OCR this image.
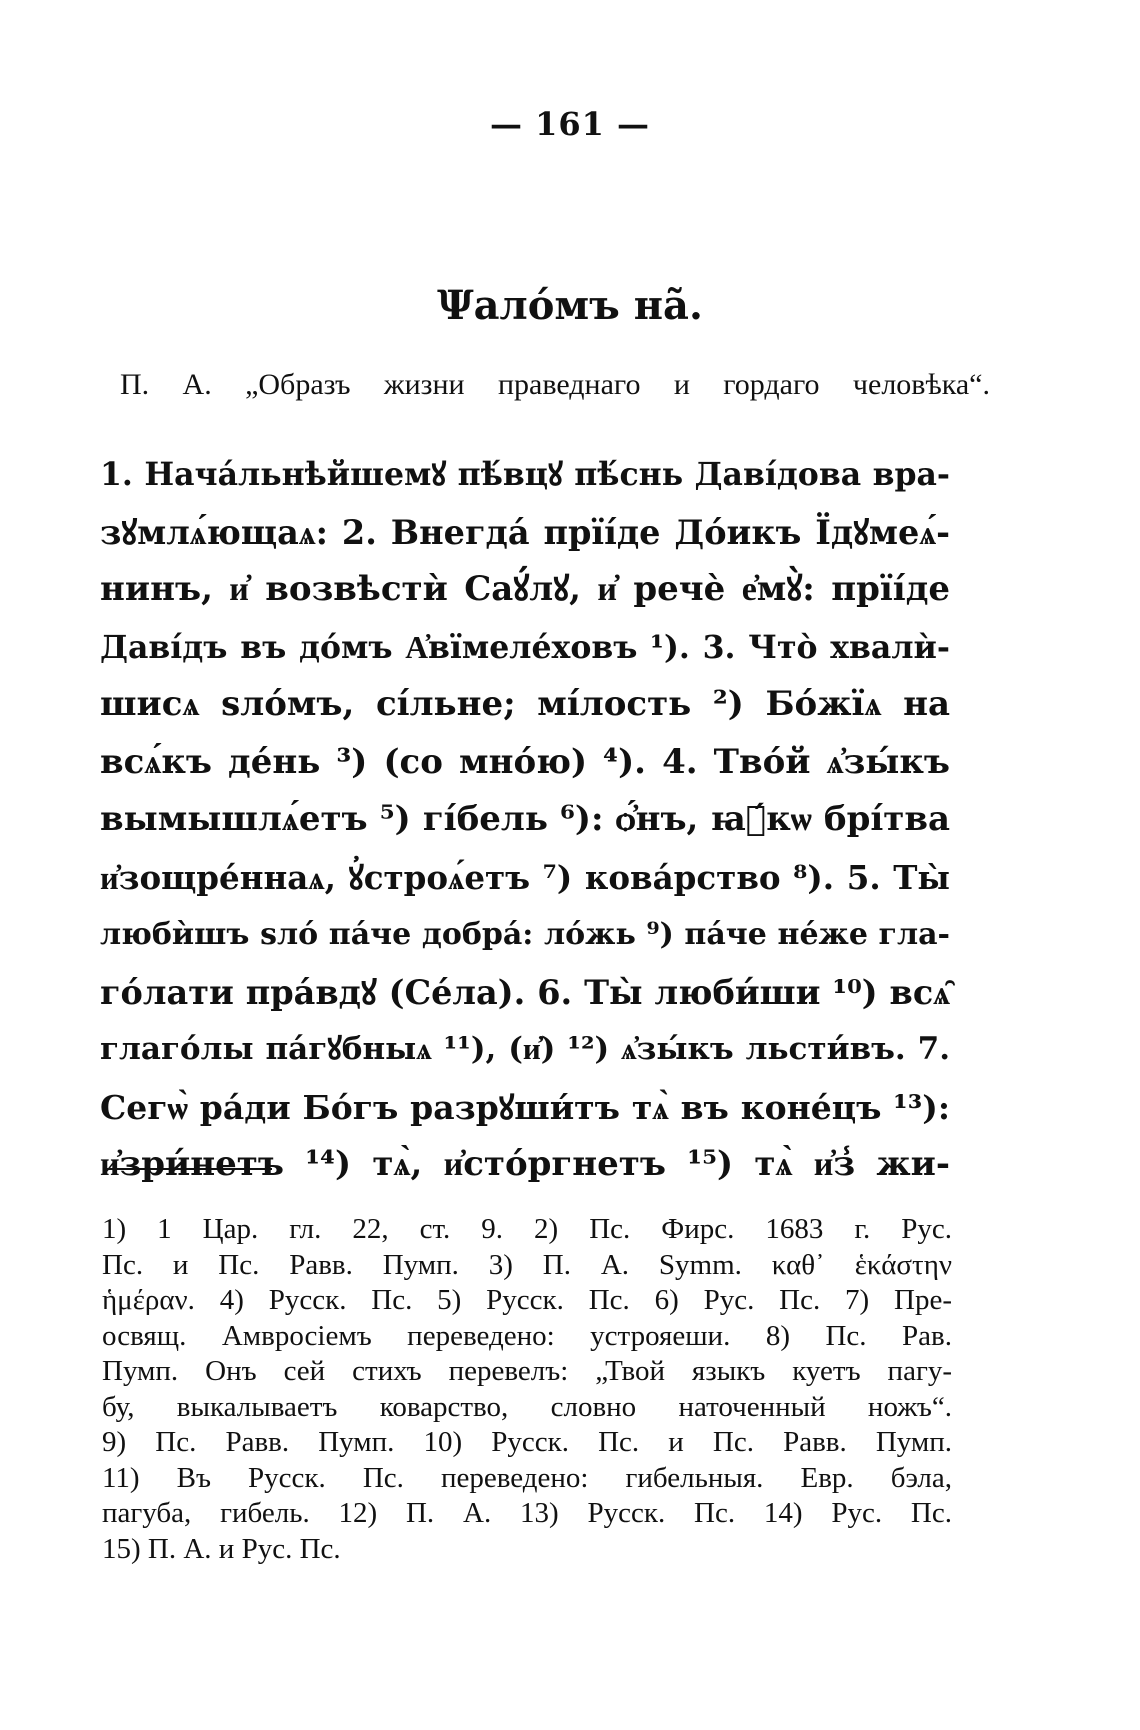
— 161 —
Ψалóмъ нã.
П. А. „Образъ жизни праведнаго и гордаго человѣка“.
1. Начáльнѣйшемꙋ пѣ́вцꙋ пѣ́снь Давíдова вра-
зꙋмлѧ́ющаѧ: 2. Внегдá прїíде Дóикъ Їдꙋмеѧ́-
нинъ, и҆ возвѣстѝ Саꙋ́лꙋ, и҆ речѐ е҆мꙋ̀: прїíде
Давíдъ въ дóмъ А҆вїмелéховъ ¹). 3. Что̀ хвалѝ-
шисѧ ѕлóмъ, сíльне; мíлость ²) Бóжїѧ на
всѧ́къ дéнь ³) (со мнóю) ⁴). 4. Твóй ѧ҆зы́къ
вымышлѧ́етъ ⁵) гíбель ⁶): ѻ҆́нъ, ꙗ҆́кѡ брíтва
и҆зощрéннаѧ, ꙋ҆строѧ́етъ ⁷) ковáрство ⁸). 5. Ты̀
любѝшъ ѕлó пáче добрá: лóжь ⁹) пáче нéже гла-
гóлати прáвдꙋ (Сéла). 6. Ты̀ люби́ши ¹⁰) всѧ̑
глагóлы пáгꙋбныѧ ¹¹), (и҆) ¹²) ѧ҆зы́къ льсти́въ. 7.
Сегѡ̀ рáди Бóгъ разрꙋши́тъ тѧ̀ въ конéцъ ¹³):
и҆зри́нетъ ¹⁴) тѧ̀, и҆стóргнетъ ¹⁵) тѧ̀ и҆з̾ жи-
1) 1 Цар. гл. 22, ст. 9. 2) Пс. Фирс. 1683 г. Рус.
Пс. и Пс. Равв. Пумп. 3) П. А. Symm. καθ᾽ ἑκάστην
ἡμέραν. 4) Русск. Пс. 5) Русск. Пс. 6) Рус. Пс. 7) Пре-
освящ. Амвросіемъ переведено: устрояеши. 8) Пс. Рав.
Пумп. Онъ сей стихъ перевелъ: „Твой языкъ куетъ пагу-
бу, выкалываетъ коварство, словно наточенный ножъ“.
9) Пс. Равв. Пумп. 10) Русск. Пс. и Пс. Равв. Пумп.
11) Въ Русск. Пс. переведено: гибельныя. Евр. бэла,
пагуба, гибель. 12) П. А. 13) Русск. Пс. 14) Рус. Пс.
15) П. А. и Рус. Пс.
